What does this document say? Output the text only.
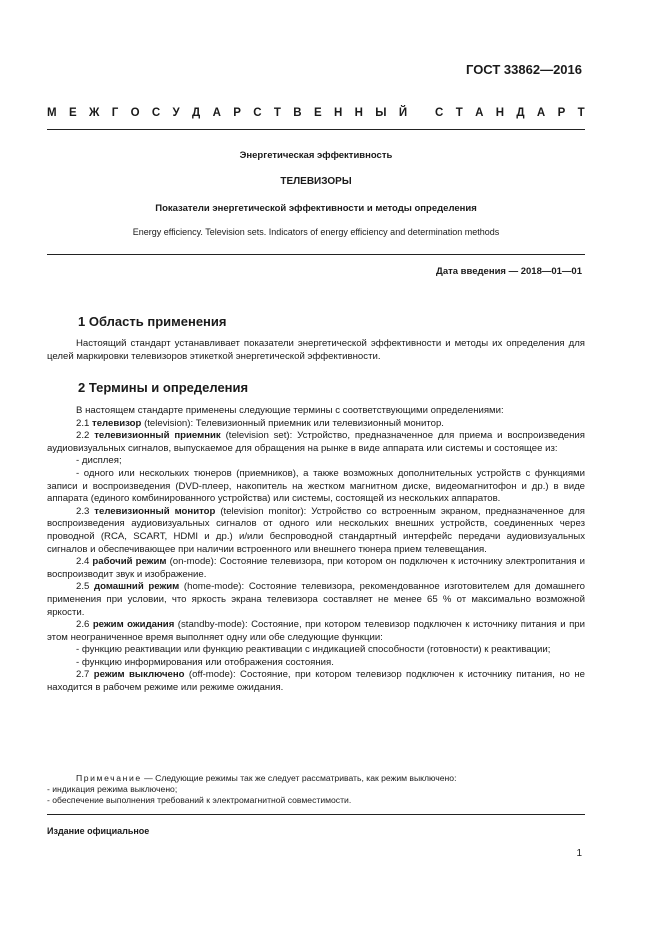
ГОСТ 33862—2016
М Е Ж Г О С У Д А Р С Т В Е Н Н Ы Й
С Т А Н Д А Р Т
Энергетическая эффективность
ТЕЛЕВИЗОРЫ
Показатели энергетической эффективности и методы определения
Energy efficiency. Television sets. Indicators of energy efficiency and determination methods
Дата введения — 2018—01—01
1 Область применения

Настоящий стандарт устанавливает показатели энергетической эффективности и методы их определения для целей маркировки телевизоров этикеткой энергетической эффективности.

2 Термины и определения

В настоящем стандарте применены следующие термины с соответствующими определениями:

2.1 телевизор (television): Телевизионный приемник или телевизионный монитор.

2.2 телевизионный приемник (television set): Устройство, предназначенное для приема и воспроизведения аудиовизуальных сигналов, выпускаемое для обращения на рынке в виде аппарата или системы и состоящее из:

- дисплея;

- одного или нескольких тюнеров (приемников), а также возможных дополнительных устройств с функциями записи и воспроизведения (DVD-плеер, накопитель на жестком магнитном диске, видеомагнитофон и др.) в виде аппарата (единого комбинированного устройства) или системы, состоящей из нескольких аппаратов.

2.3 телевизионный монитор (television monitor): Устройство со встроенным экраном, предназначенное для воспроизведения аудиовизуальных сигналов от одного или нескольких внешних устройств, соединенных через проводной (RCA, SCART, HDMI и др.) и/или беспроводной стандартный интерфейс передачи аудиовизуальных сигналов и обеспечивающее при наличии встроенного или внешнего тюнера прием телевещания.

2.4 рабочий режим (on-mode): Состояние телевизора, при котором он подключен к источнику электропитания и воспроизводит звук и изображение.

2.5 домашний режим (home-mode): Состояние телевизора, рекомендованное изготовителем для домашнего применения при условии, что яркость экрана телевизора составляет не менее 65 % от максимально возможной яркости.

2.6 режим ожидания (standby-mode): Состояние, при котором телевизор подключен к источнику питания и при этом неограниченное время выполняет одну или обе следующие функции:

- функцию реактивации или функцию реактивации с индикацией способности (готовности) к реактивации;

- функцию информирования или отображения состояния.

2.7 режим выключено (off-mode): Состояние, при котором телевизор подключен к источнику питания, но не находится в рабочем режиме или режиме ожидания.

Примечание — Следующие режимы так же следует рассматривать, как режим выключено:

- индикация режима выключено;

- обеспечение выполнения требований к электромагнитной совместимости.

Издание официальное
1
